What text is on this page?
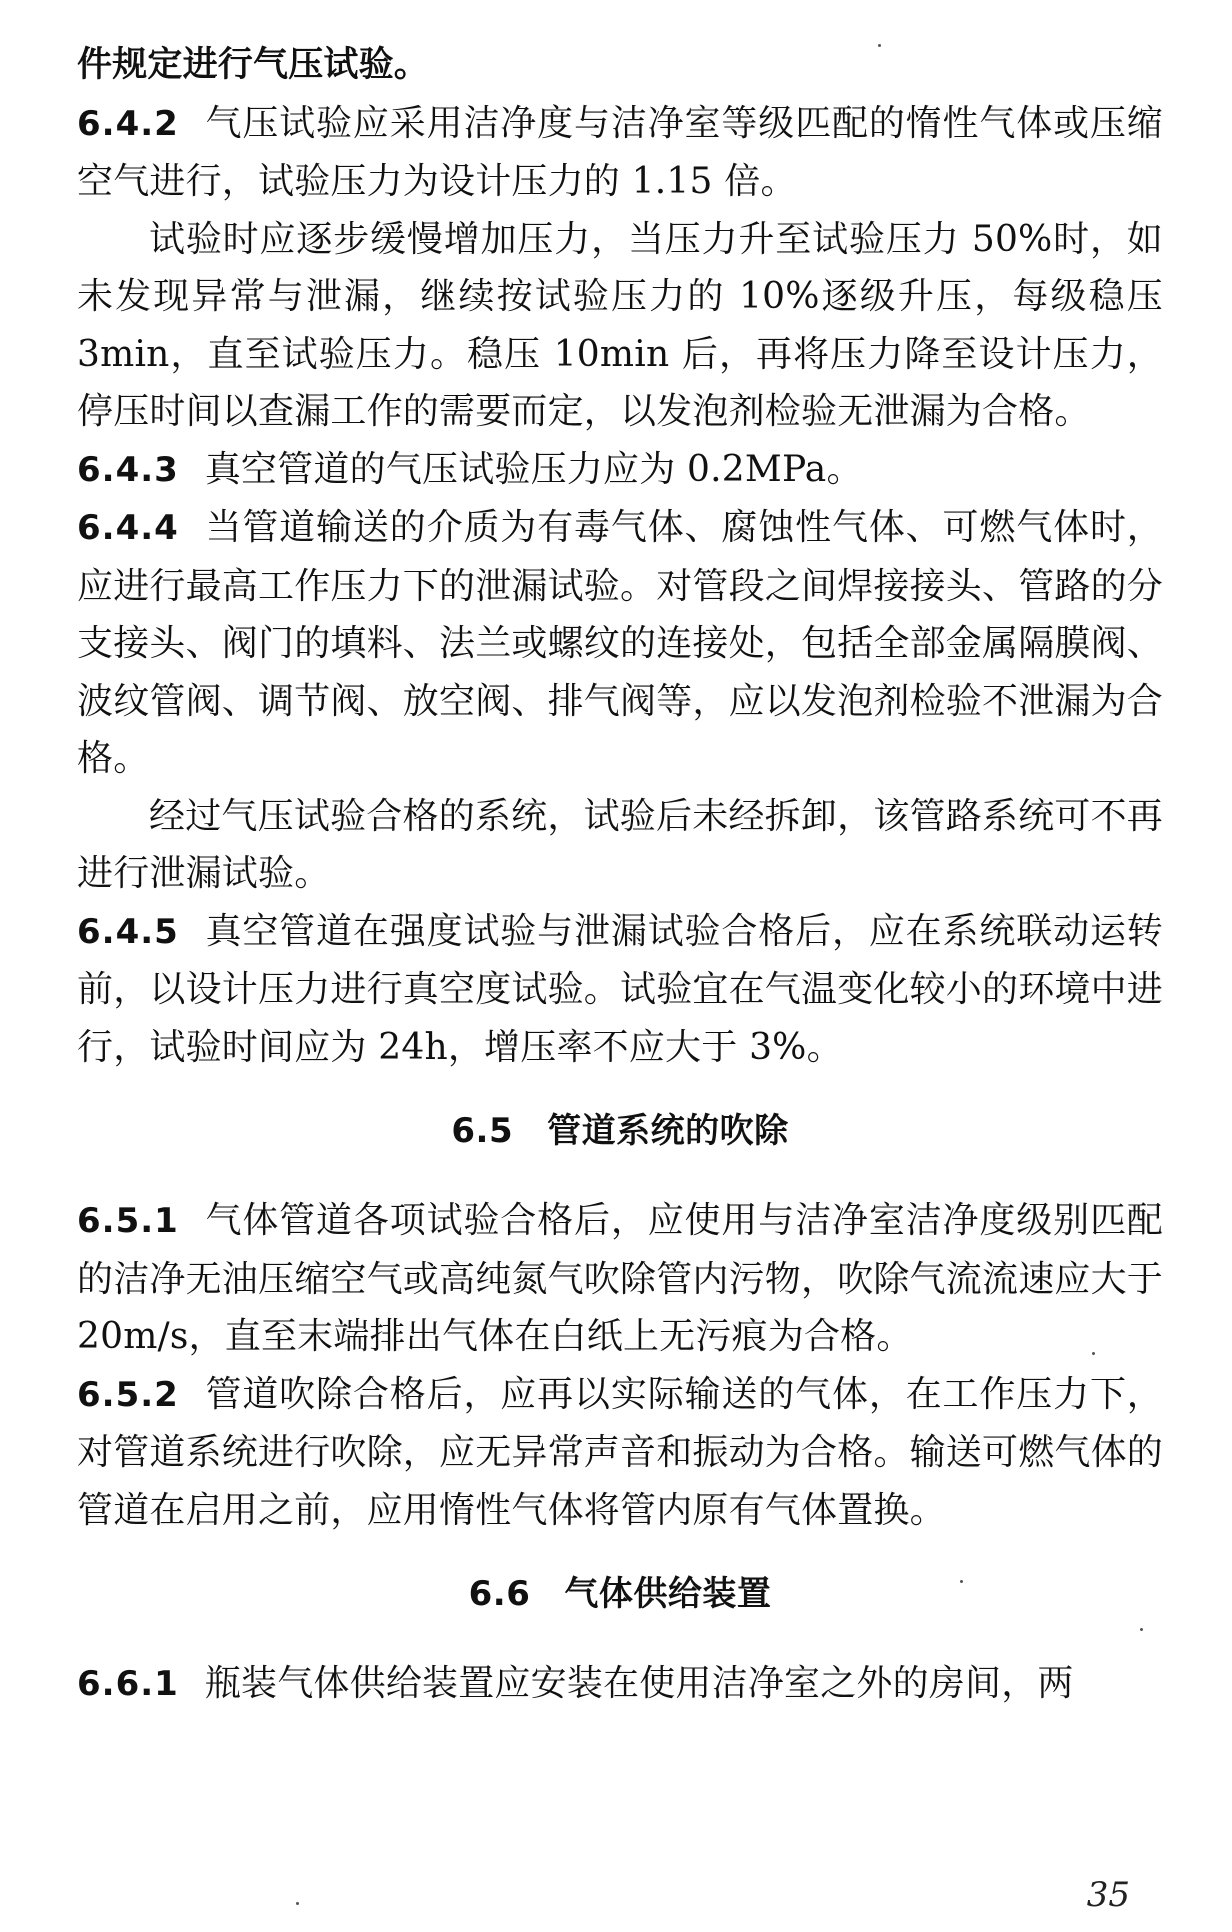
件规定进行气压试验。

6.4.2 气压试验应采用洁净度与洁净室等级匹配的惰性气体或压缩空气进行，试验压力为设计压力的 1.15 倍。

试验时应逐步缓慢增加压力，当压力升至试验压力 50%时，如未发现异常与泄漏，继续按试验压力的 10%逐级升压，每级稳压 3min，直至试验压力。稳压 10min 后，再将压力降至设计压力，停压时间以查漏工作的需要而定，以发泡剂检验无泄漏为合格。

6.4.3 真空管道的气压试验压力应为 0.2MPa。

6.4.4 当管道输送的介质为有毒气体、腐蚀性气体、可燃气体时，应进行最高工作压力下的泄漏试验。对管段之间焊接接头、管路的分支接头、阀门的填料、法兰或螺纹的连接处，包括全部金属隔膜阀、波纹管阀、调节阀、放空阀、排气阀等，应以发泡剂检验不泄漏为合格。

经过气压试验合格的系统，试验后未经拆卸，该管路系统可不再进行泄漏试验。

6.4.5 真空管道在强度试验与泄漏试验合格后，应在系统联动运转前，以设计压力进行真空度试验。试验宜在气温变化较小的环境中进行，试验时间应为 24h，增压率不应大于 3%。

6.5 管道系统的吹除

6.5.1 气体管道各项试验合格后，应使用与洁净室洁净度级别匹配的洁净无油压缩空气或高纯氮气吹除管内污物，吹除气流流速应大于 20m/s，直至末端排出气体在白纸上无污痕为合格。

6.5.2 管道吹除合格后，应再以实际输送的气体，在工作压力下，对管道系统进行吹除，应无异常声音和振动为合格。输送可燃气体的管道在启用之前，应用惰性气体将管内原有气体置换。

6.6 气体供给装置

6.6.1 瓶装气体供给装置应安装在使用洁净室之外的房间，两

35
